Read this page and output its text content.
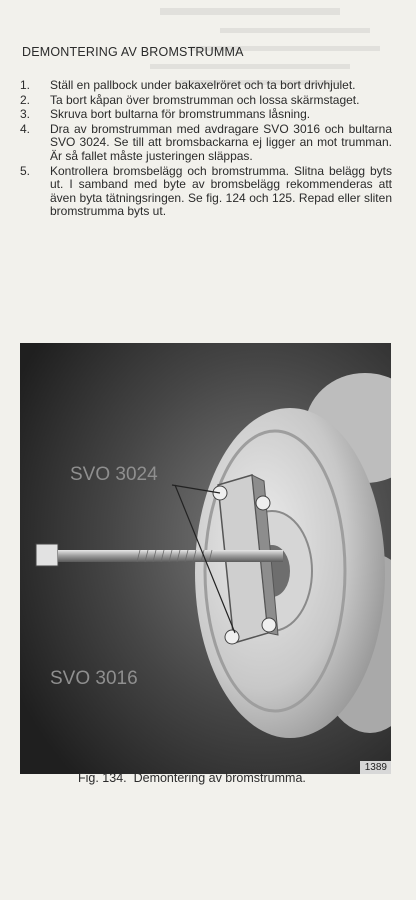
DEMONTERING AV BROMSTRUMMA
1.	Ställ en pallbock under bakaxelröret och ta bort drivhjulet.
2.	Ta bort kåpan över bromstrumman och lossa skärmstaget.
3.	Skruva bort bultarna för bromstrummans låsning.
4.	Dra av bromstrumman med avdragare SVO 3016 och bultarna SVO 3024. Se till att bromsbackarna ej ligger an mot trumman. Är så fallet måste justeringen släppas.
5.	Kontrollera bromsbelägg och bromstrumma. Slitna belägg byts ut. I samband med byte av bromsbelägg rekommenderas att även byta tätningsringen. Se fig. 124 och 125. Repad eller sliten bromstrumma byts ut.
SVO 3024
SVO 3016
1389
Fig. 134.  Demontering av bromstrumma.
